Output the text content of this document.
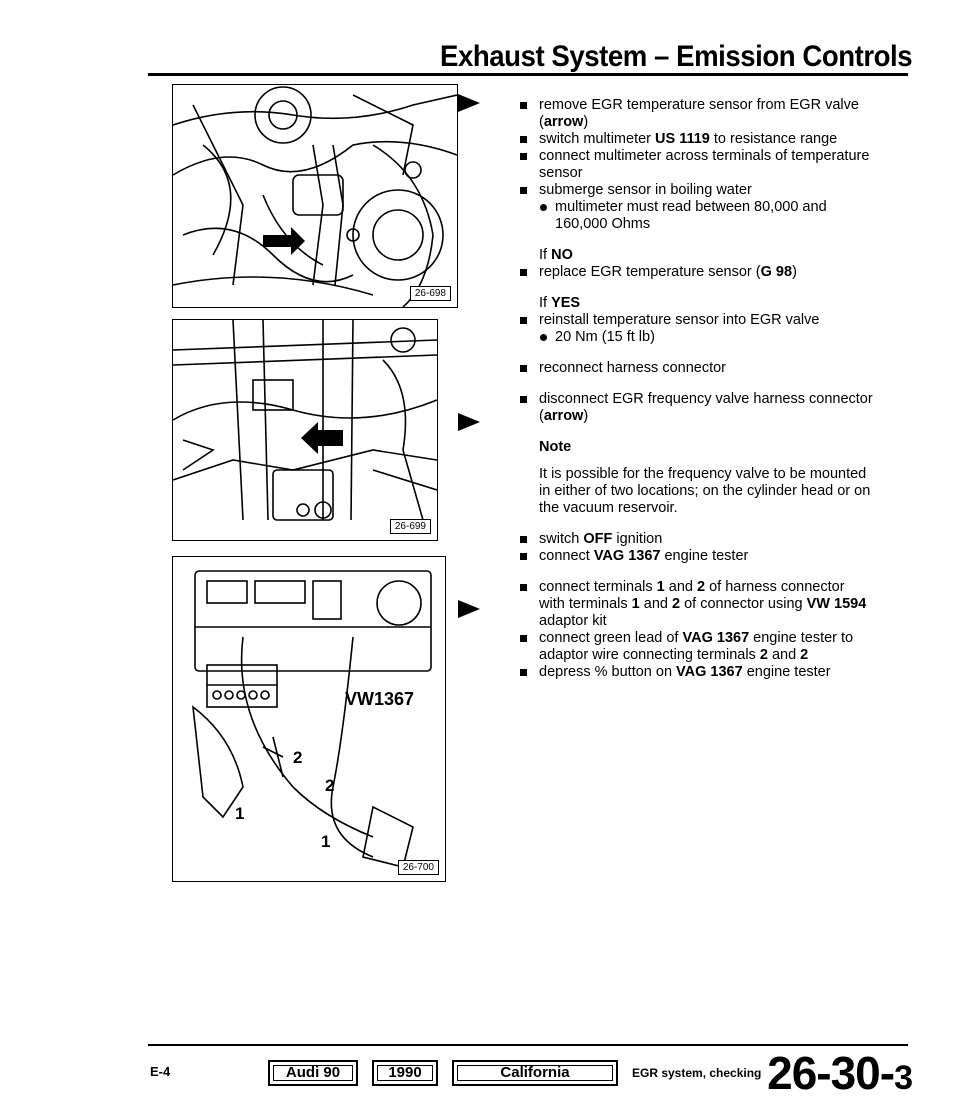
Exhaust System – Emission Controls
26-698
26-699
VW1367
2
2
1
1
26-700
remove EGR temperature sensor from EGR valve (arrow)
switch multimeter US 1119 to resistance range
connect multimeter across terminals of temperature sensor
submerge sensor in boiling water
multimeter must read between 80,000 and 160,000 Ohms
If NO
replace EGR temperature sensor (G 98)
If YES
reinstall temperature sensor into EGR valve
20 Nm (15 ft lb)
reconnect harness connector
disconnect EGR frequency valve harness connector (arrow)
Note
It is possible for the frequency valve to be mounted in either of two locations; on the cylinder head or on the vacuum reservoir.
switch OFF ignition
connect VAG 1367 engine tester
connect terminals 1 and 2 of harness connector with terminals 1 and 2 of connector using VW 1594 adaptor kit
connect green lead of VAG 1367 engine tester to adaptor wire connecting terminals 2 and 2
depress % button on VAG 1367 engine tester
E-4	Audi 90	1990	California	EGR system, checking 26-30-3
